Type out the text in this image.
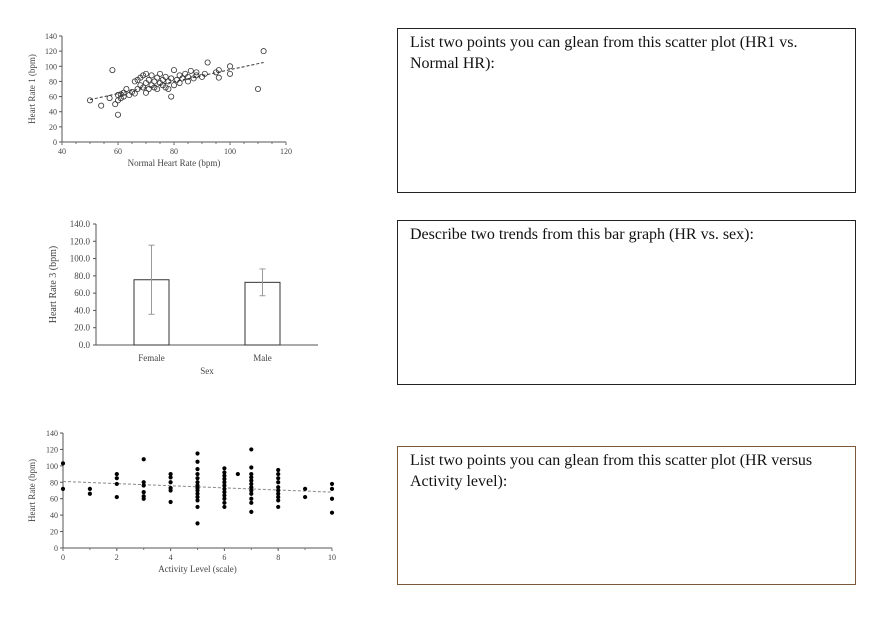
0
20
40
60
80
100
120
140
40	60	80	100	120
Normal Heart Rate (bpm)
Heart Rate 1 (bpm)
List two points you can glean from this scatter plot (HR1 vs. Normal HR):
0.0
20.0
40.0
60.0
80.0
100.0
120.0
140.0
Female	Male
Sex
Heart Rate 3 (bpm)
Describe two trends from this bar graph (HR vs. sex):
0
20
40
60
80
100
120
140
0	2	4	6	8	10
Activity Level (scale)
Heart Rate (bpm)	List two points you can glean from this scatter plot (HR versus Activity level):
